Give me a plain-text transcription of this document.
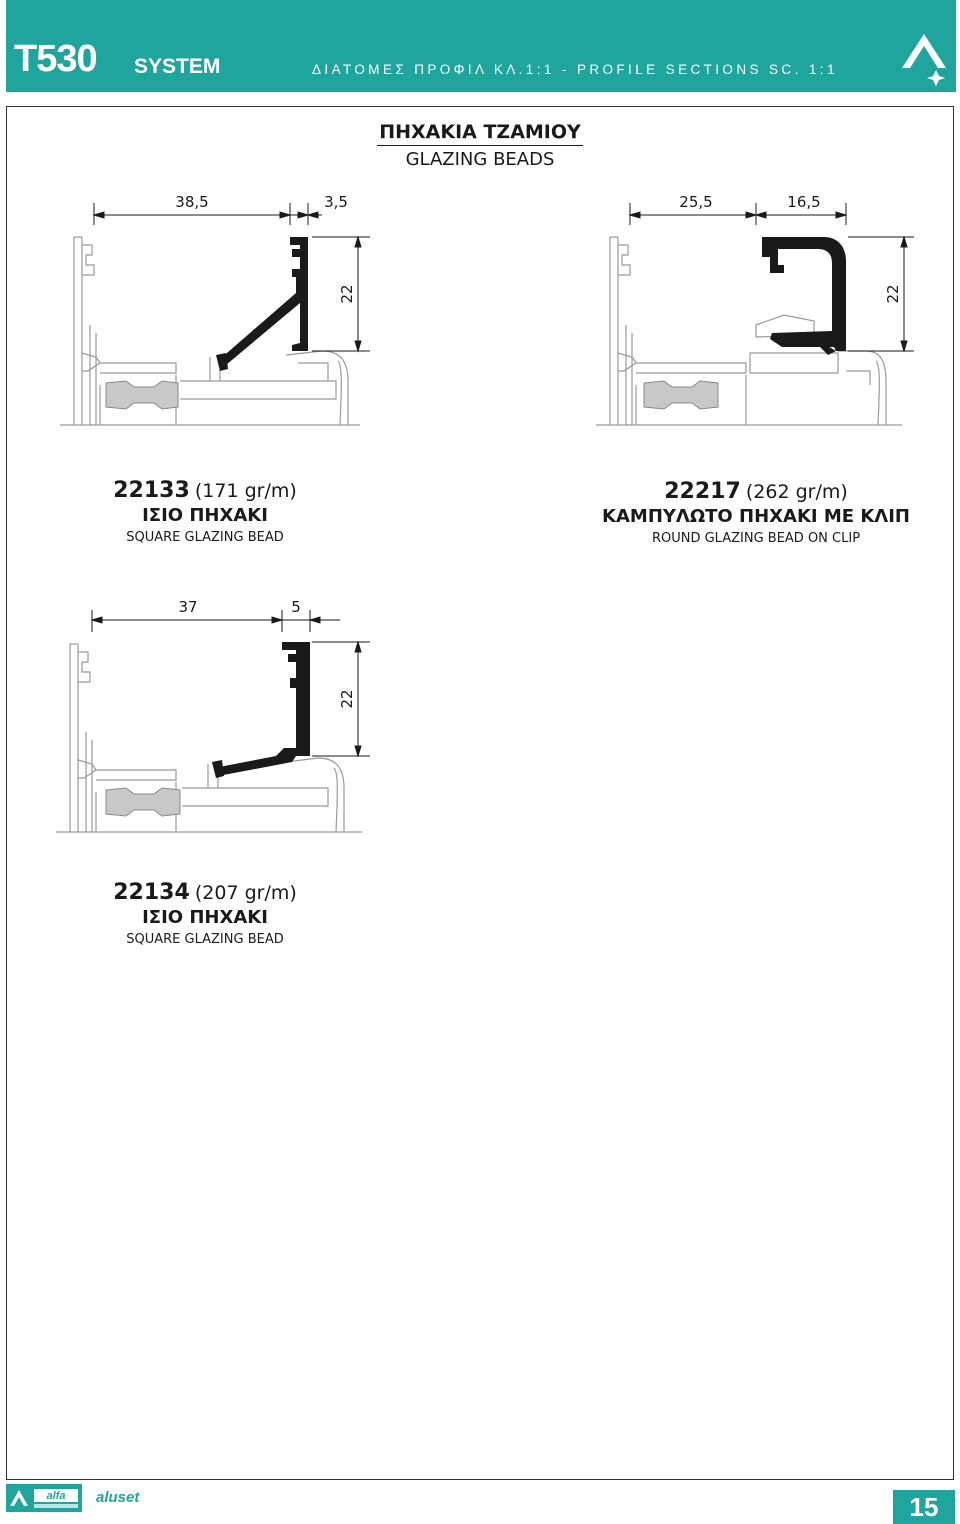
T530 SYSTEM	ΔΙΑΤΟΜΕΣ ΠΡΟΦΙΛ ΚΛ.1:1 - PROFILE SECTIONS SC. 1:1
ΠΗΧΑΚΙΑ ΤΖΑΜΙΟΥ
GLAZING BEADS
38,5	3,5
22
22133 (171 gr/m)
ΙΣΙΟ ΠΗΧΑΚΙ
SQUARE GLAZING BEAD
25,5	16,5
22
22217 (262 gr/m)
ΚΑΜΠΥΛΩΤΟ ΠΗΧΑΚΙ ΜΕ ΚΛΙΠ
ROUND GLAZING BEAD ON CLIP
37	5
22
22134 (207 gr/m)
ΙΣΙΟ ΠΗΧΑΚΙ
SQUARE GLAZING BEAD
alfa aluset	15
